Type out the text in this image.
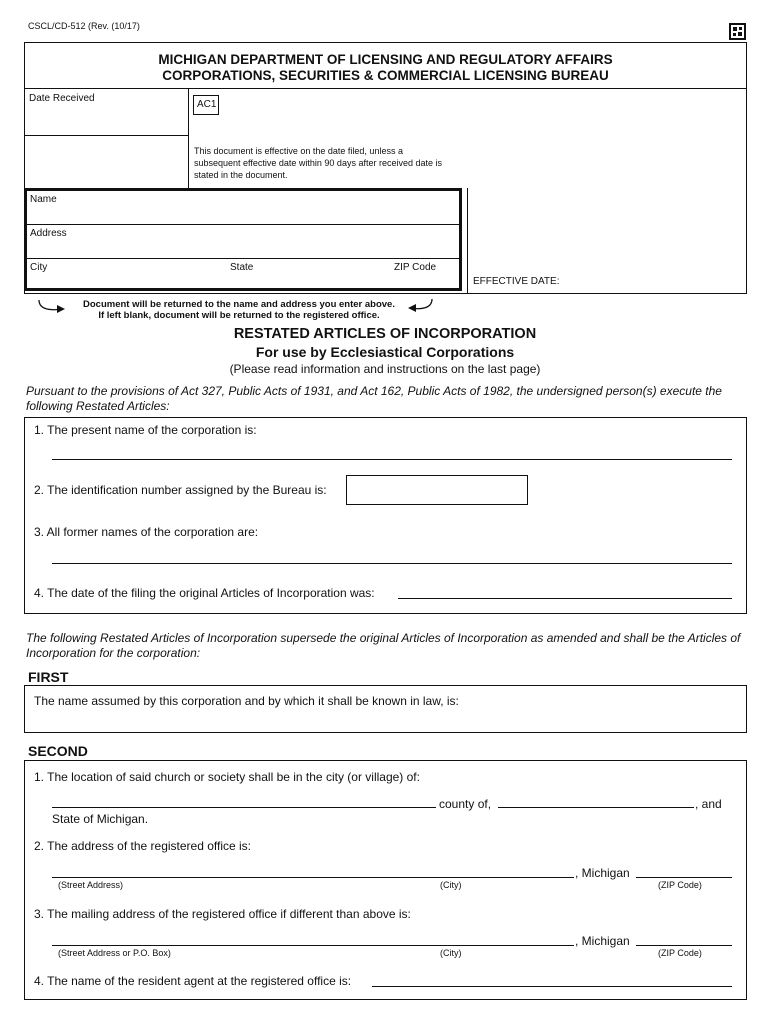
CSCL/CD-512 (Rev. (10/17)
MICHIGAN DEPARTMENT OF LICENSING AND REGULATORY AFFAIRS
CORPORATIONS, SECURITIES & COMMERCIAL LICENSING BUREAU
Date Received
AC1
This document is effective on the date filed, unless a subsequent effective date within 90 days after received date is stated in the document.
Name
Address
City	State	ZIP Code
EFFECTIVE DATE:
Document will be returned to the name and address you enter above.
If left blank, document will be returned to the registered office.
RESTATED ARTICLES OF INCORPORATION
For use by Ecclesiastical Corporations
(Please read information and instructions on the last page)
Pursuant to the provisions of Act 327, Public Acts of 1931, and Act 162, Public Acts of 1982, the undersigned person(s) execute the following Restated Articles:
1. The present name of the corporation is:
2. The identification number assigned by the Bureau is:
3. All former names of the corporation are:
4. The date of the filing the original Articles of Incorporation was:
The following Restated Articles of Incorporation supersede the original Articles of Incorporation as amended and shall be the Articles of Incorporation for the corporation:
FIRST
The name assumed by this corporation and by which it shall be known in law, is:
SECOND
1. The location of said church or society shall be in the city (or village) of:
county of,	, and
State of Michigan.
2. The address of the registered office is:
, Michigan
(Street Address)	(City)	(ZIP Code)
3. The mailing address of the registered office if different than above is:
, Michigan
(Street Address or P.O. Box)	(City)	(ZIP Code)
4. The name of the resident agent at the registered office is:
